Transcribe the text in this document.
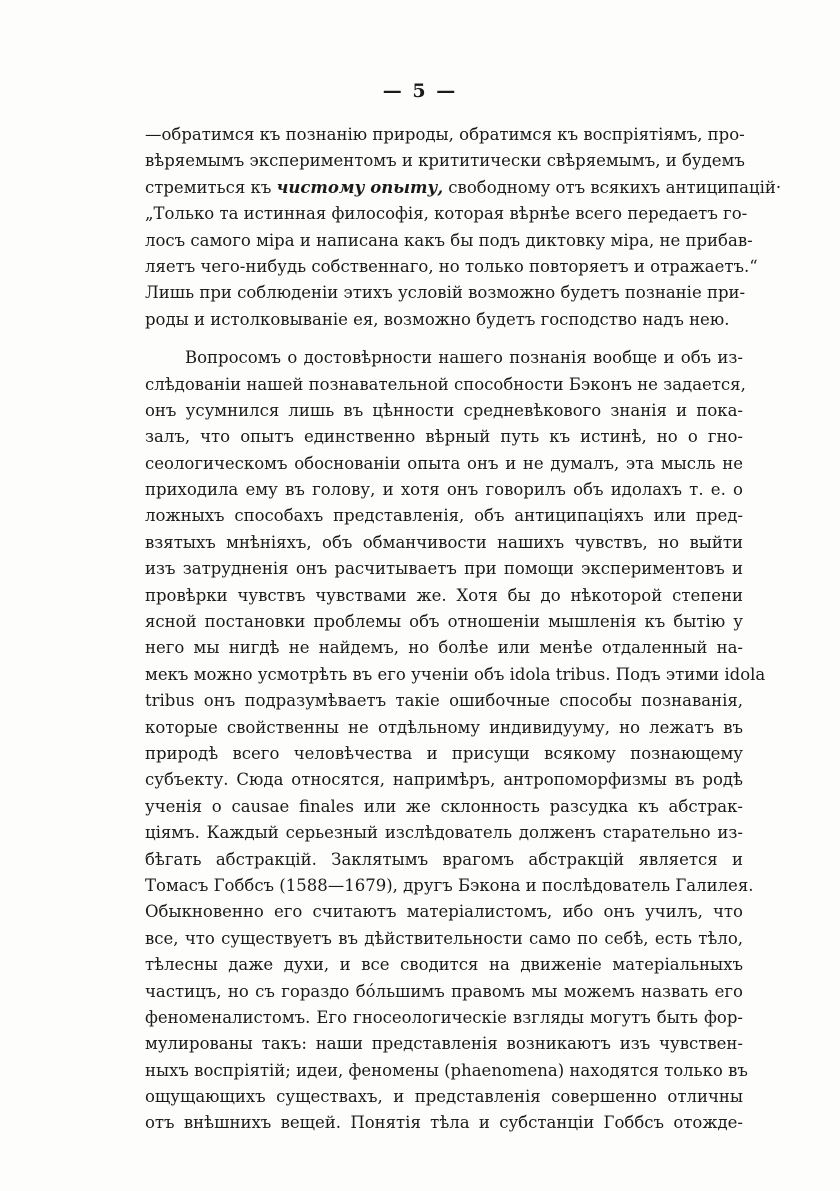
— 5 —
—обратимся къ познанію природы, обратимся къ воспріятіямъ, про-
вѣряемымъ экспериментомъ и крититически свѣряемымъ, и будемъ
стремиться къ чистому опыту, свободному отъ всякихъ антиципацій·
„Только та истинная философія, которая вѣрнѣе всего передаетъ го-
лосъ самого міра и написана какъ бы подъ диктовку міра, не прибав-
ляетъ чего-нибудь собственнаго, но только повторяетъ и отражаетъ.“
Лишь при соблюденіи этихъ условій возможно будетъ познаніе при-
роды и истолковываніе ея, возможно будетъ господство надъ нею.
Вопросомъ о достовѣрности нашего познанія вообще и объ из-
слѣдованіи нашей познавательной способности Бэконъ не задается,
онъ усумнился лишь въ цѣнности средневѣкового знанія и пока-
залъ, что опытъ единственно вѣрный путь къ истинѣ, но о гно-
сеологическомъ обоснованіи опыта онъ и не думалъ, эта мысль не
приходила ему въ голову, и хотя онъ говорилъ объ идолахъ т. е. о
ложныхъ способахъ представленія, объ антиципаціяхъ или пред-
взятыхъ мнѣніяхъ, объ обманчивости нашихъ чувствъ, но выйти
изъ затрудненія онъ расчитываетъ при помощи экспериментовъ и
провѣрки чувствъ чувствами же. Хотя бы до нѣкоторой степени
ясной постановки проблемы объ отношеніи мышленія къ бытію у
него мы нигдѣ не найдемъ, но болѣе или менѣе отдаленный на-
мекъ можно усмотрѣть въ его ученіи объ idola tribus. Подъ этими idola
tribus онъ подразумѣваетъ такіе ошибочные способы познаванія,
которые свойственны не отдѣльному индивидууму, но лежатъ въ
природѣ всего человѣчества и присущи всякому познающему
субъекту. Сюда относятся, напримѣръ, антропоморфизмы въ родѣ
ученія о causae finales или же склонность разсудка къ абстрак-
ціямъ. Каждый серьезный изслѣдователь долженъ старательно из-
бѣгать абстракцій. Заклятымъ врагомъ абстракцій является и
Томасъ Гоббсъ (1588—1679), другъ Бэкона и послѣдователь Галилея.
Обыкновенно его считаютъ матеріалистомъ, ибо онъ училъ, что
все, что существуетъ въ дѣйствительности само по себѣ, есть тѣло,
тѣлесны даже духи, и все сводится на движеніе матеріальныхъ
частицъ, но съ гораздо бóльшимъ правомъ мы можемъ назвать его
феноменалистомъ. Его гносеологическіе взгляды могутъ быть фор-
мулированы такъ: наши представленія возникаютъ изъ чувствен-
ныхъ воспріятій; идеи, феномены (phaenomena) находятся только въ
ощущающихъ существахъ, и представленія совершенно отличны
отъ внѣшнихъ вещей. Понятія тѣла и субстанціи Гоббсъ отожде-
